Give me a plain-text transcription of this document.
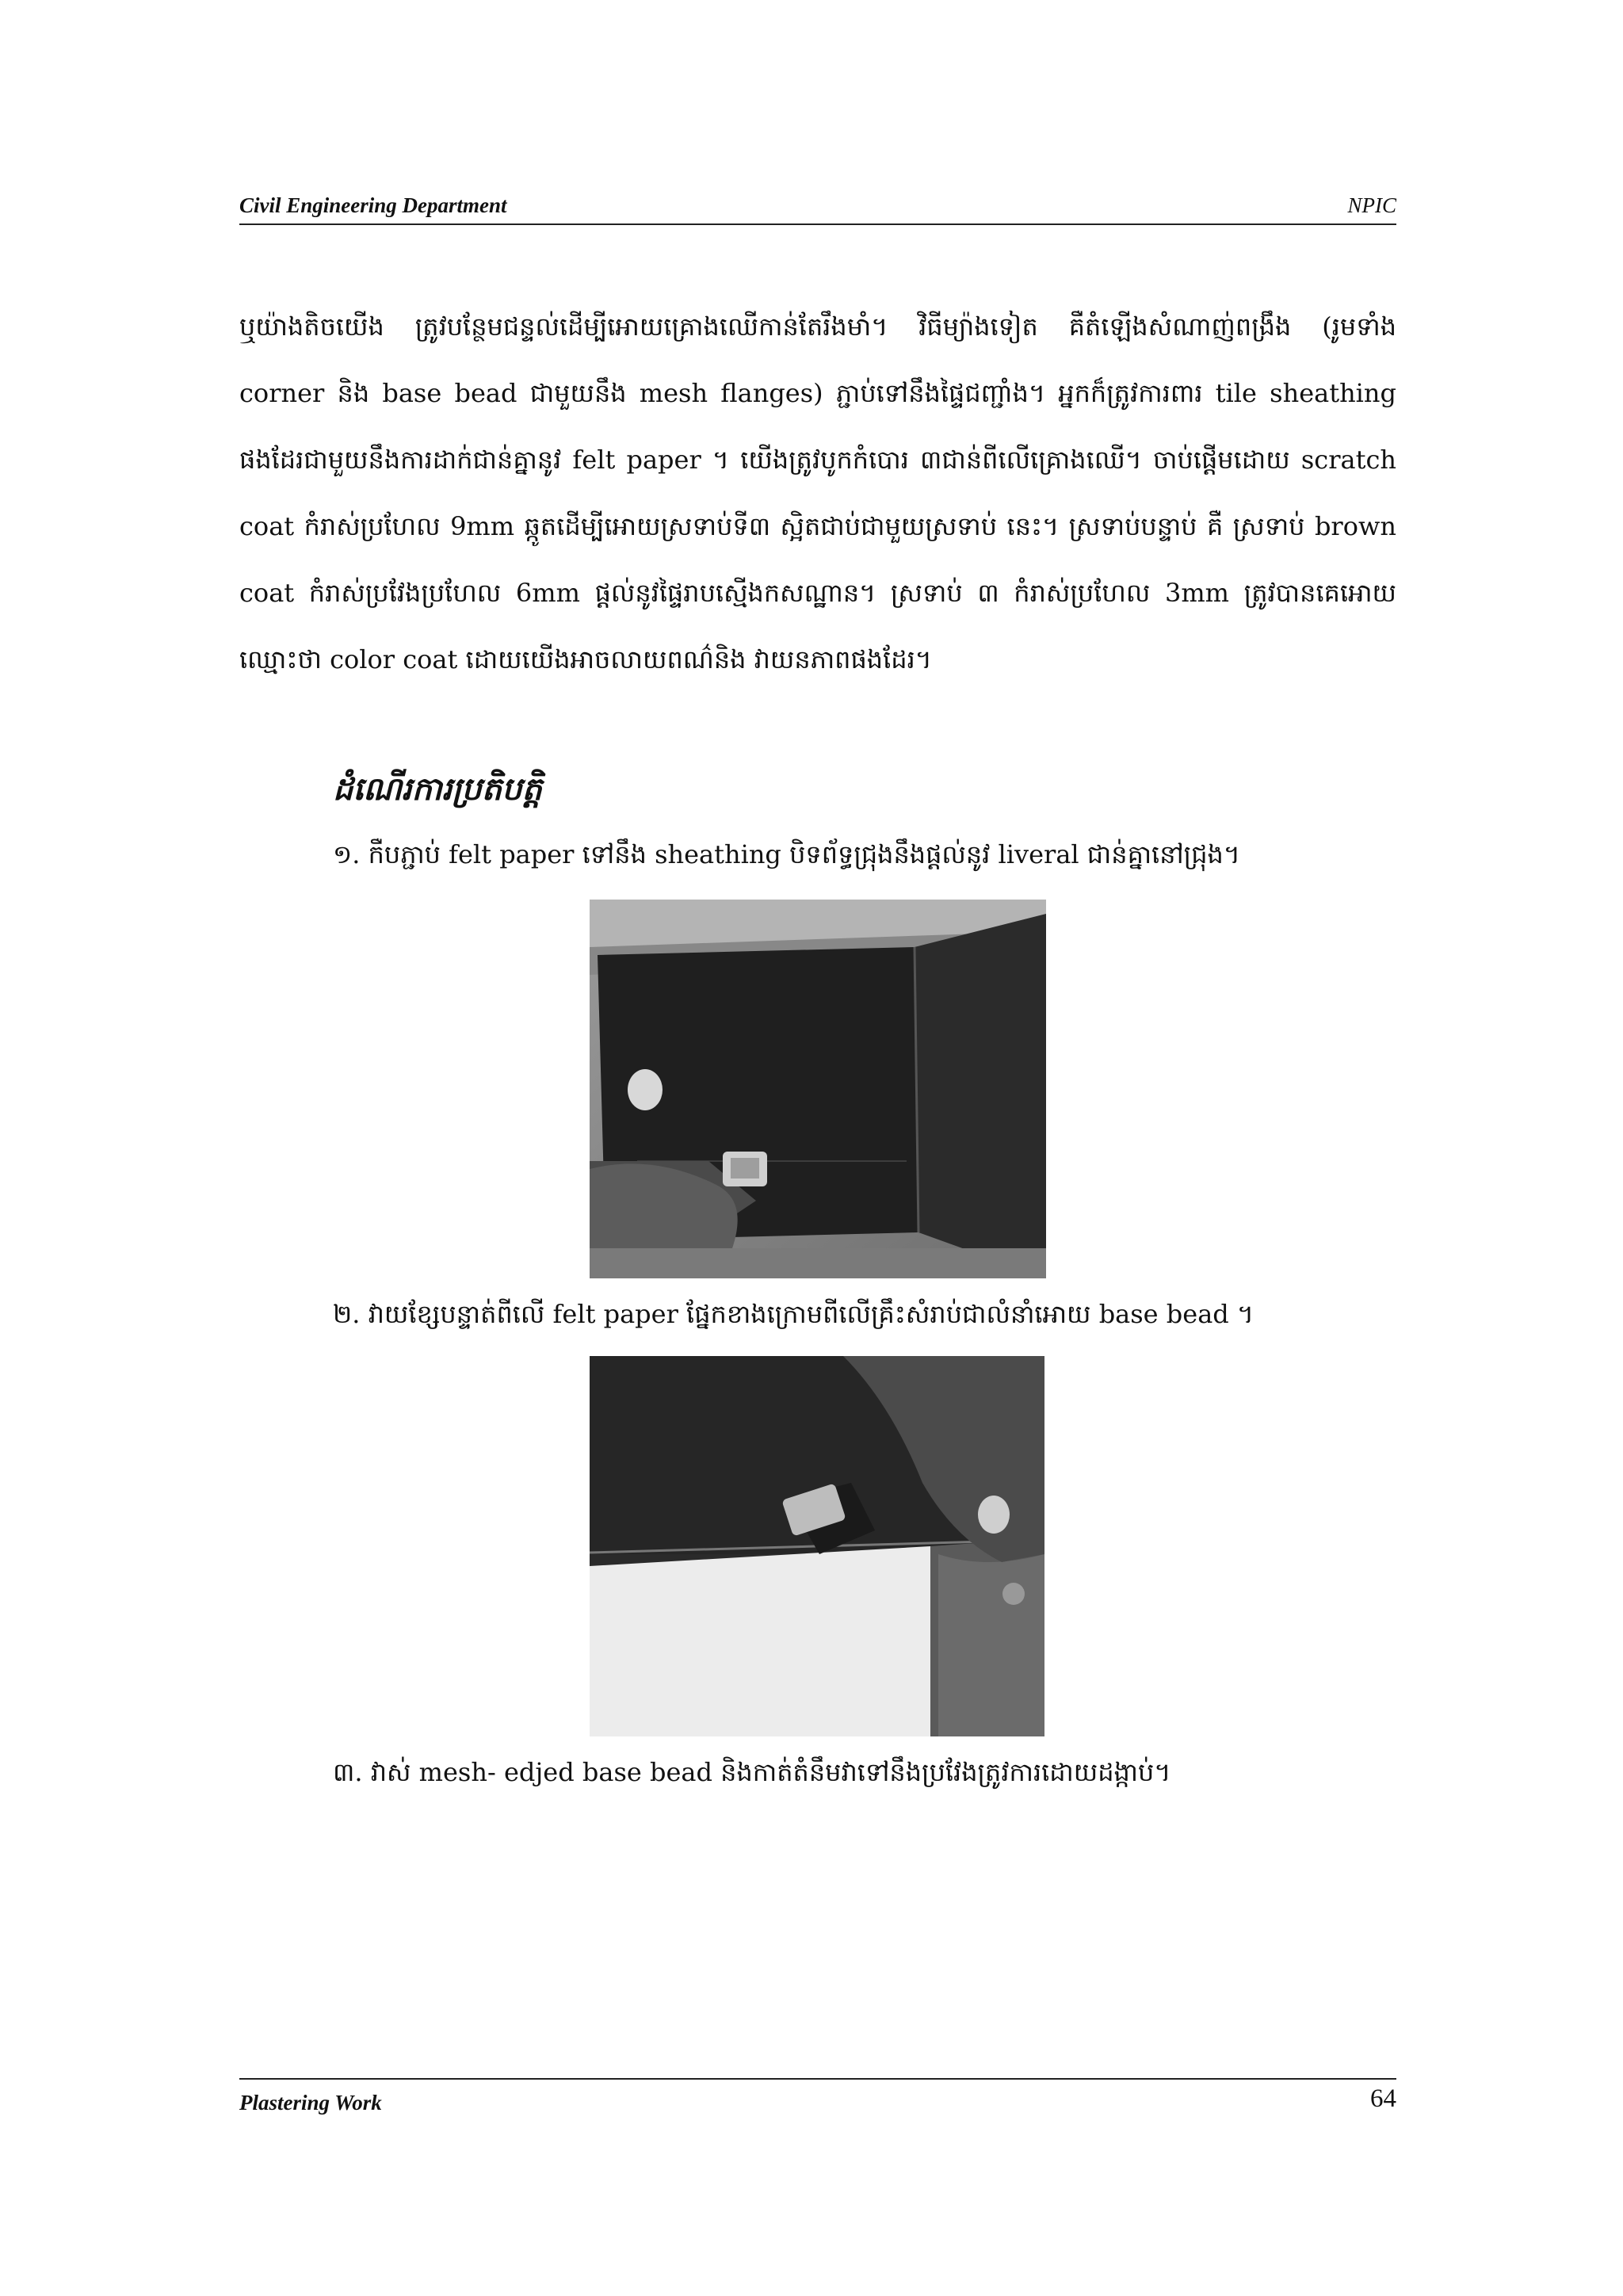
Civil Engineering Department	NPIC

ឬយ៉ាងតិចយើង ត្រូវបន្ថែមជន្ទល់ដើម្បីអោយគ្រោងឈើកាន់តែរឹងមាំ។ វិធីម្យ៉ាងទៀត គឺតំឡើងសំណាញ់ពង្រឹង (រូមទាំង corner និង base bead ជាមួយនឹង mesh flanges) ភ្ជាប់ទៅនឹងផ្ទៃជញ្ជាំង។ អ្នកក៏ត្រូវការពារ tile sheathing ផងដែរជាមួយនឹងការដាក់ជាន់គ្នានូវ felt paper ។ យើងត្រូវបូកកំបោរ ៣ជាន់ពីលើគ្រោងឈើ។ ចាប់ផ្តើមដោយ scratch coat កំរាស់ប្រហែល 9mm ឆ្កូតដើម្បីអោយស្រទាប់ទី៣ ស្អិតជាប់ជាមួយស្រទាប់ នេះ។ ស្រទាប់បន្ទាប់ គឺ ស្រទាប់ brown coat កំរាស់ប្រវែងប្រហែល 6mm ផ្តល់នូវផ្ទៃរាបស្មើងកសណ្ឋាន។ ស្រទាប់ ៣ កំរាស់ប្រហែល 3mm ត្រូវបានគេអោយឈ្មោះថា color coat ដោយយើងអាចលាយពណ៌និង វាយនភាពផងដែរ។

ដំណើរការប្រតិបត្តិ
១. កឺបភ្ជាប់ felt paper ទៅនឹង sheathing បិទព័ទ្ធជ្រុងនឹងផ្តល់នូវ liveral ជាន់គ្នានៅជ្រុង។
២. វាយខ្សែបន្ទាត់ពីលើ felt paper ផ្នែកខាងក្រោមពីលើគ្រឹះសំរាប់ជាលំនាំអោយ base bead ។
៣. វាស់ mesh- edjed base bead និងកាត់តំនឹមវាទៅនឹងប្រវែងត្រូវការដោយដង្កាប់។
Plastering Work	64
